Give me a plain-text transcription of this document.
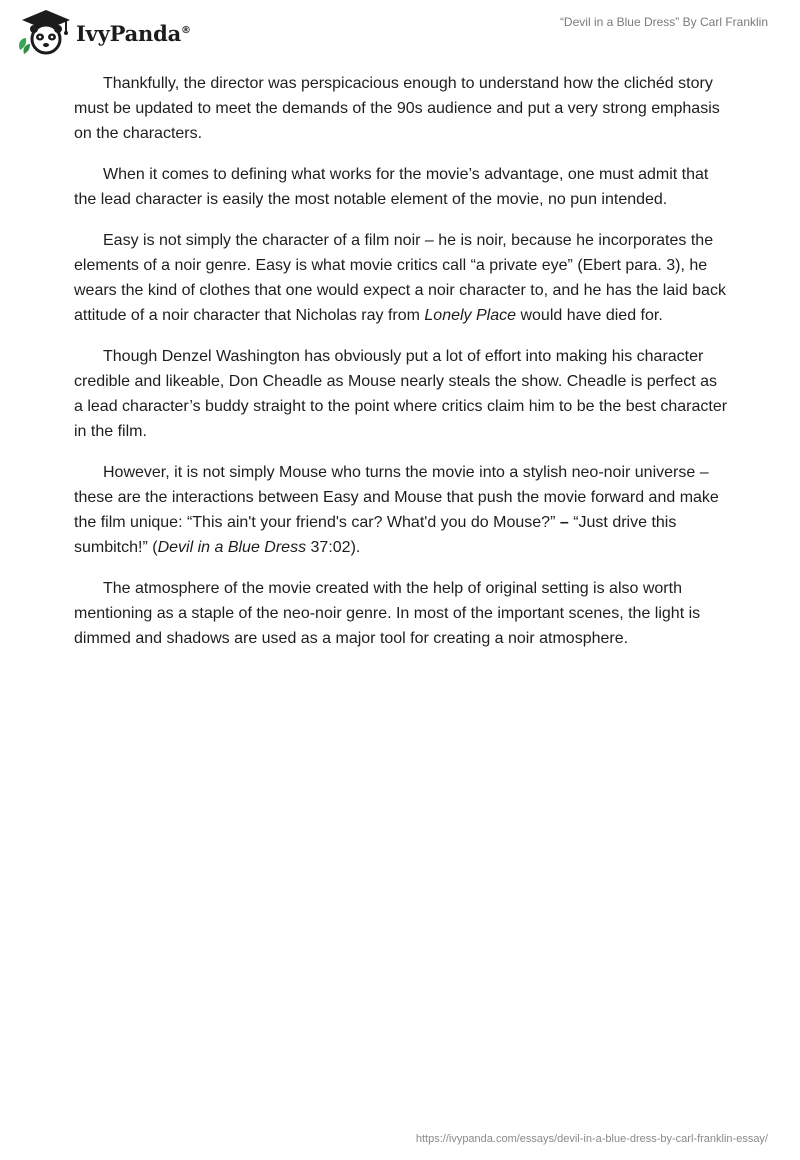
IvyPanda®
“Devil in a Blue Dress” By Carl Franklin

Thankfully, the director was perspicacious enough to understand how the clichéd story must be updated to meet the demands of the 90s audience and put a very strong emphasis on the characters.

When it comes to defining what works for the movie’s advantage, one must admit that the lead character is easily the most notable element of the movie, no pun intended.

Easy is not simply the character of a film noir – he is noir, because he incorporates the elements of a noir genre. Easy is what movie critics call “a private eye” (Ebert para. 3), he wears the kind of clothes that one would expect a noir character to, and he has the laid back attitude of a noir character that Nicholas ray from Lonely Place would have died for.

Though Denzel Washington has obviously put a lot of effort into making his character credible and likeable, Don Cheadle as Mouse nearly steals the show. Cheadle is perfect as a lead character’s buddy straight to the point where critics claim him to be the best character in the film.

However, it is not simply Mouse who turns the movie into a stylish neo-noir universe – these are the interactions between Easy and Mouse that push the movie forward and make the film unique: “This ain't your friend's car? What'd you do Mouse?” – “Just drive this sumbitch!” (Devil in a Blue Dress 37:02).

The atmosphere of the movie created with the help of original setting is also worth mentioning as a staple of the neo-noir genre. In most of the important scenes, the light is dimmed and shadows are used as a major tool for creating a noir atmosphere.

https://ivypanda.com/essays/devil-in-a-blue-dress-by-carl-franklin-essay/
